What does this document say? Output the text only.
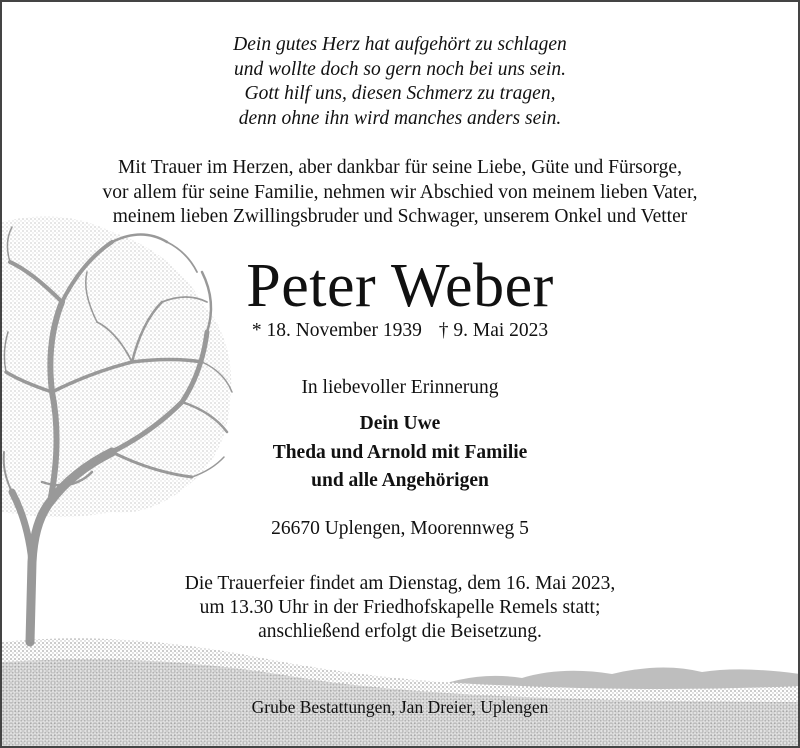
Dein gutes Herz hat aufgehört zu schlagen
und wollte doch so gern noch bei uns sein.
Gott hilf uns, diesen Schmerz zu tragen,
denn ohne ihn wird manches anders sein.
Mit Trauer im Herzen, aber dankbar für seine Liebe, Güte und Fürsorge,
vor allem für seine Familie, nehmen wir Abschied von meinem lieben Vater,
meinem lieben Zwillingsbruder und Schwager, unserem Onkel und Vetter
Peter Weber
* 18. November 1939 † 9. Mai 2023
In liebevoller Erinnerung
Dein Uwe
Theda und Arnold mit Familie
und alle Angehörigen
26670 Uplengen, Moorennweg 5
Die Trauerfeier findet am Dienstag, dem 16. Mai 2023,
um 13.30 Uhr in der Friedhofskapelle Remels statt;
anschließend erfolgt die Beisetzung.
Grube Bestattungen, Jan Dreier, Uplengen
